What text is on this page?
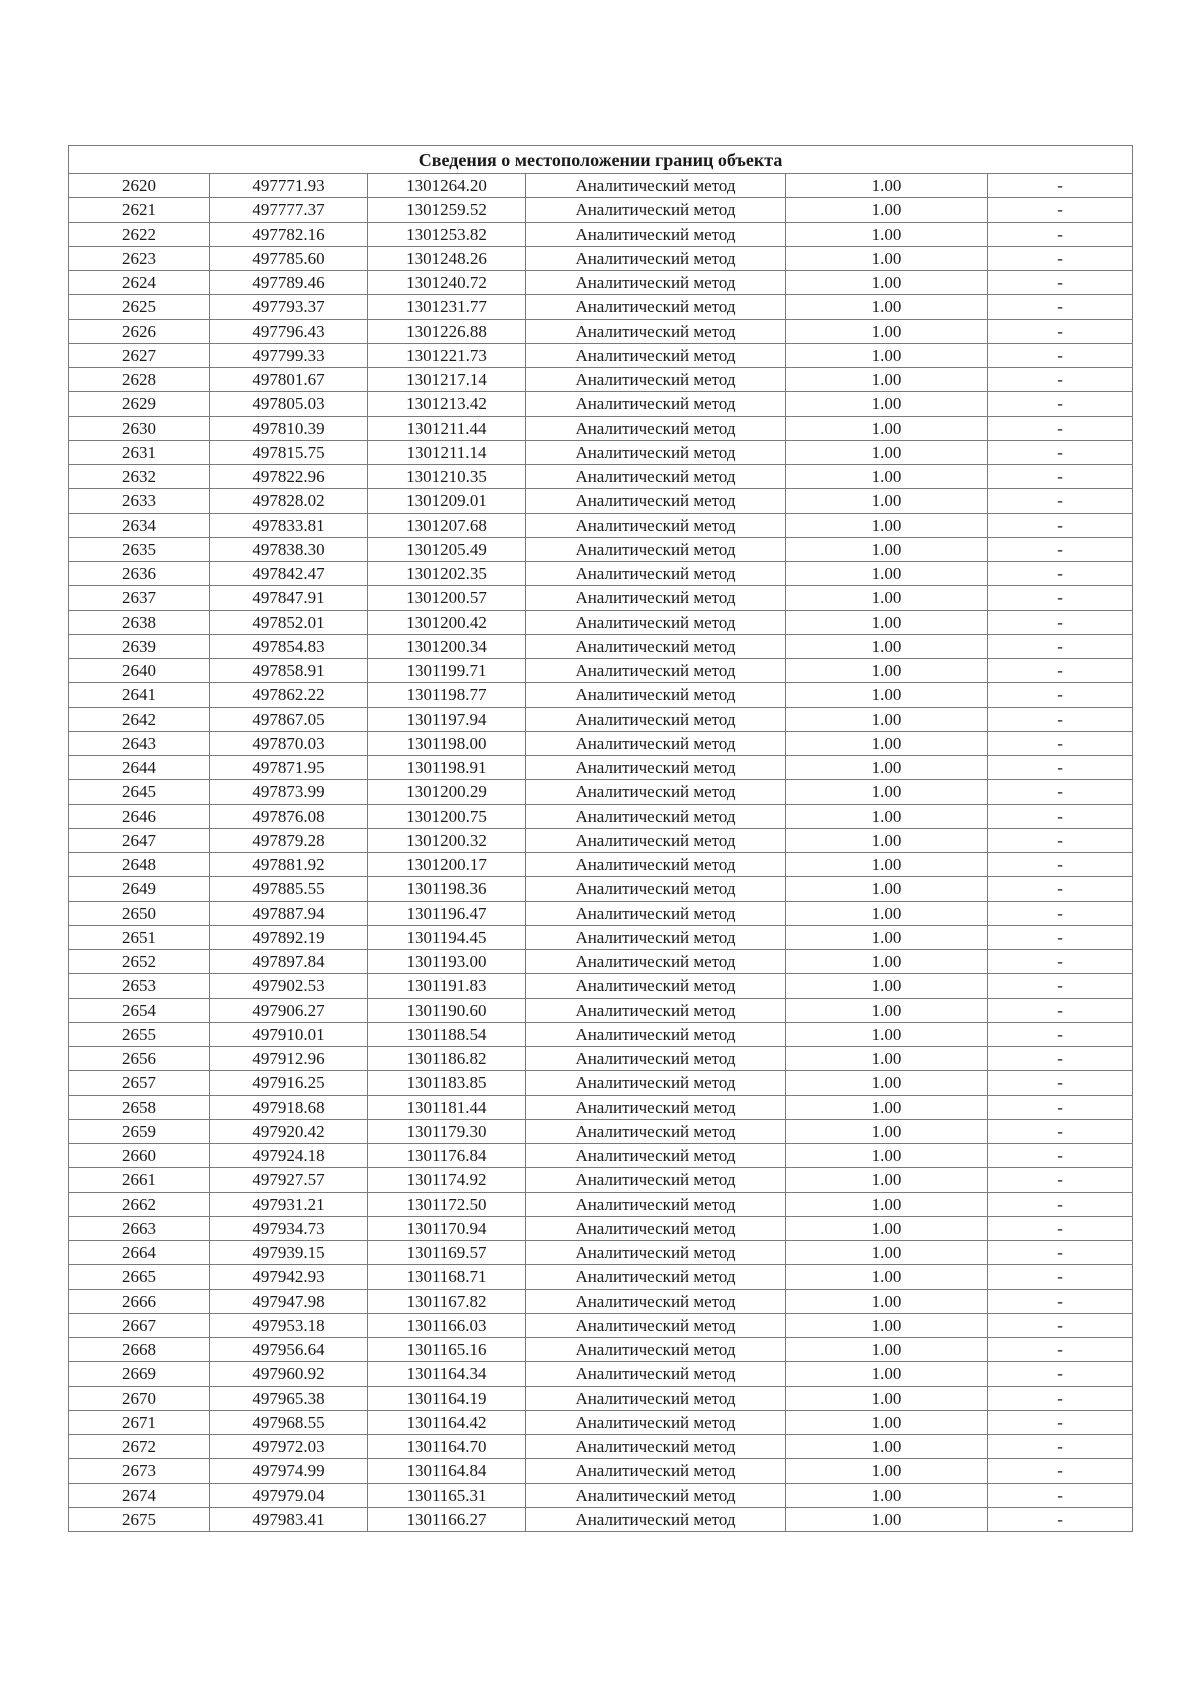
Сведения о местоположении границ объекта					
2620	497771.93	1301264.20	Аналитический метод	1.00	-
2621	497777.37	1301259.52	Аналитический метод	1.00	-
2622	497782.16	1301253.82	Аналитический метод	1.00	-
2623	497785.60	1301248.26	Аналитический метод	1.00	-
2624	497789.46	1301240.72	Аналитический метод	1.00	-
2625	497793.37	1301231.77	Аналитический метод	1.00	-
2626	497796.43	1301226.88	Аналитический метод	1.00	-
2627	497799.33	1301221.73	Аналитический метод	1.00	-
2628	497801.67	1301217.14	Аналитический метод	1.00	-
2629	497805.03	1301213.42	Аналитический метод	1.00	-
2630	497810.39	1301211.44	Аналитический метод	1.00	-
2631	497815.75	1301211.14	Аналитический метод	1.00	-
2632	497822.96	1301210.35	Аналитический метод	1.00	-
2633	497828.02	1301209.01	Аналитический метод	1.00	-
2634	497833.81	1301207.68	Аналитический метод	1.00	-
2635	497838.30	1301205.49	Аналитический метод	1.00	-
2636	497842.47	1301202.35	Аналитический метод	1.00	-
2637	497847.91	1301200.57	Аналитический метод	1.00	-
2638	497852.01	1301200.42	Аналитический метод	1.00	-
2639	497854.83	1301200.34	Аналитический метод	1.00	-
2640	497858.91	1301199.71	Аналитический метод	1.00	-
2641	497862.22	1301198.77	Аналитический метод	1.00	-
2642	497867.05	1301197.94	Аналитический метод	1.00	-
2643	497870.03	1301198.00	Аналитический метод	1.00	-
2644	497871.95	1301198.91	Аналитический метод	1.00	-
2645	497873.99	1301200.29	Аналитический метод	1.00	-
2646	497876.08	1301200.75	Аналитический метод	1.00	-
2647	497879.28	1301200.32	Аналитический метод	1.00	-
2648	497881.92	1301200.17	Аналитический метод	1.00	-
2649	497885.55	1301198.36	Аналитический метод	1.00	-
2650	497887.94	1301196.47	Аналитический метод	1.00	-
2651	497892.19	1301194.45	Аналитический метод	1.00	-
2652	497897.84	1301193.00	Аналитический метод	1.00	-
2653	497902.53	1301191.83	Аналитический метод	1.00	-
2654	497906.27	1301190.60	Аналитический метод	1.00	-
2655	497910.01	1301188.54	Аналитический метод	1.00	-
2656	497912.96	1301186.82	Аналитический метод	1.00	-
2657	497916.25	1301183.85	Аналитический метод	1.00	-
2658	497918.68	1301181.44	Аналитический метод	1.00	-
2659	497920.42	1301179.30	Аналитический метод	1.00	-
2660	497924.18	1301176.84	Аналитический метод	1.00	-
2661	497927.57	1301174.92	Аналитический метод	1.00	-
2662	497931.21	1301172.50	Аналитический метод	1.00	-
2663	497934.73	1301170.94	Аналитический метод	1.00	-
2664	497939.15	1301169.57	Аналитический метод	1.00	-
2665	497942.93	1301168.71	Аналитический метод	1.00	-
2666	497947.98	1301167.82	Аналитический метод	1.00	-
2667	497953.18	1301166.03	Аналитический метод	1.00	-
2668	497956.64	1301165.16	Аналитический метод	1.00	-
2669	497960.92	1301164.34	Аналитический метод	1.00	-
2670	497965.38	1301164.19	Аналитический метод	1.00	-
2671	497968.55	1301164.42	Аналитический метод	1.00	-
2672	497972.03	1301164.70	Аналитический метод	1.00	-
2673	497974.99	1301164.84	Аналитический метод	1.00	-
2674	497979.04	1301165.31	Аналитический метод	1.00	-
2675	497983.41	1301166.27	Аналитический метод	1.00	-
